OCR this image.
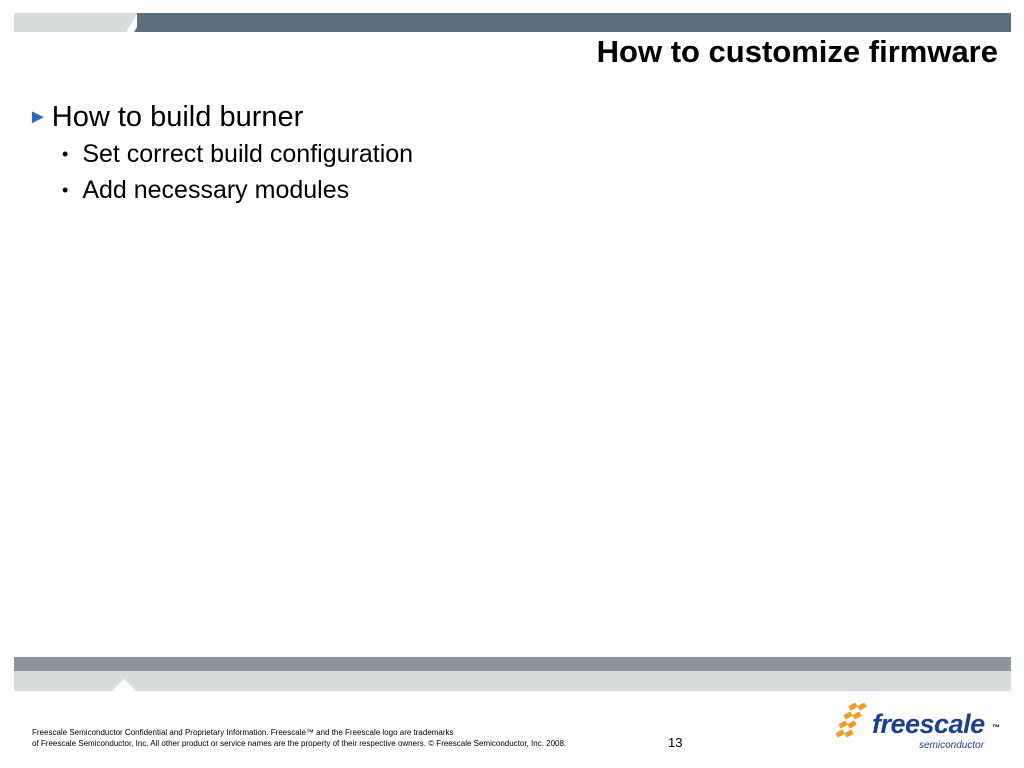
How to customize firmware
► How to build burner
• Set correct build configuration
• Add necessary modules
Freescale Semiconductor Confidential and Proprietary Information. Freescale™ and the Freescale logo are trademarks
of Freescale Semiconductor, Inc. All other product or service names are the property of their respective owners. © Freescale Semiconductor, Inc. 2008.	13
freescale ™
semiconductor
